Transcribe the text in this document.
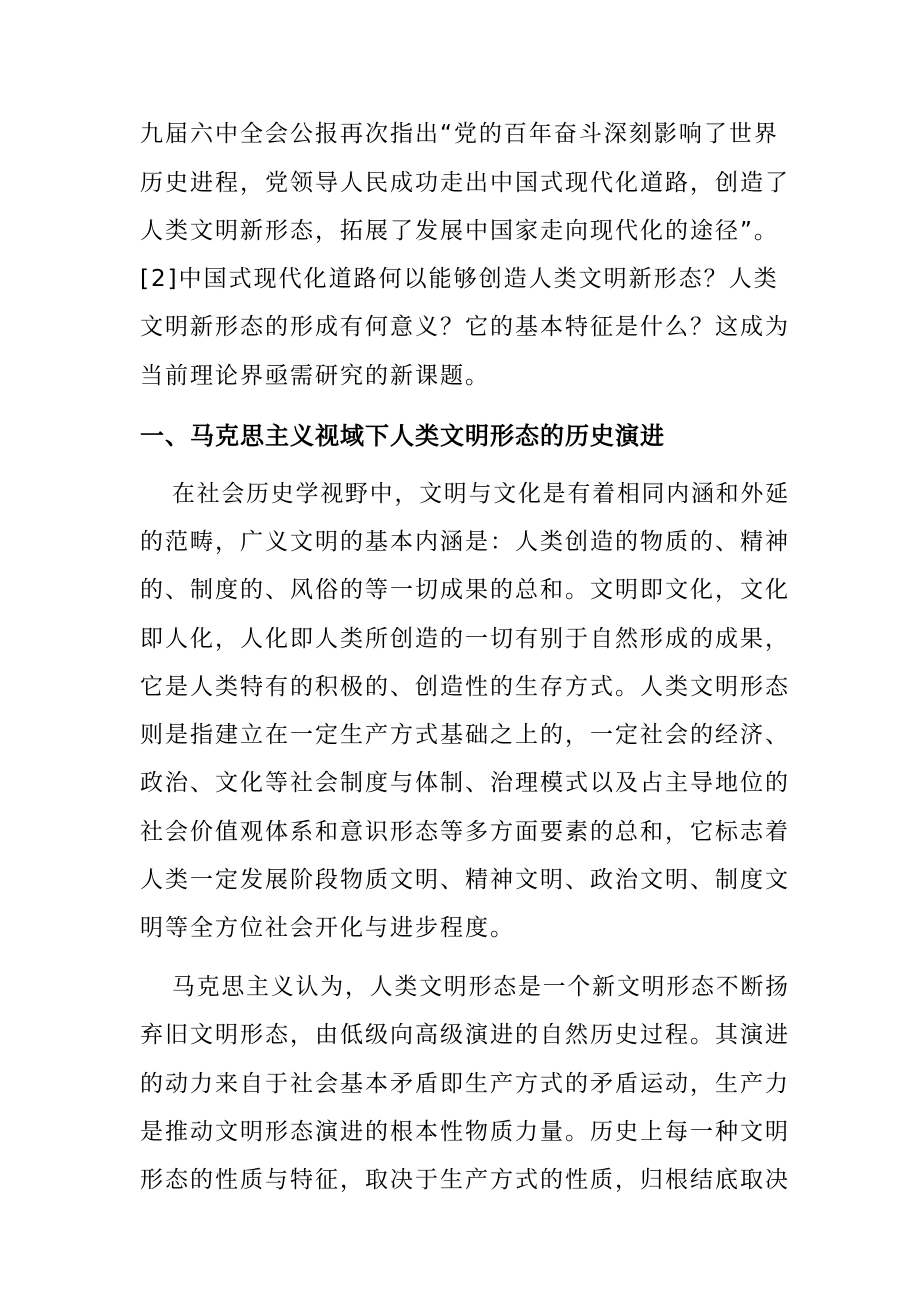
九届六中全会公报再次指出“党的百年奋斗深刻影响了世界
历史进程，党领导人民成功走出中国式现代化道路，创造了
人类文明新形态，拓展了发展中国家走向现代化的途径”。
[2]中国式现代化道路何以能够创造人类文明新形态？人类
文明新形态的形成有何意义？它的基本特征是什么？这成为
当前理论界亟需研究的新课题。
一、马克思主义视域下人类文明形态的历史演进
在社会历史学视野中，文明与文化是有着相同内涵和外延
的范畴，广义文明的基本内涵是：人类创造的物质的、精神
的、制度的、风俗的等一切成果的总和。文明即文化，文化
即人化，人化即人类所创造的一切有别于自然形成的成果，
它是人类特有的积极的、创造性的生存方式。人类文明形态
则是指建立在一定生产方式基础之上的，一定社会的经济、
政治、文化等社会制度与体制、治理模式以及占主导地位的
社会价值观体系和意识形态等多方面要素的总和，它标志着
人类一定发展阶段物质文明、精神文明、政治文明、制度文
明等全方位社会开化与进步程度。
马克思主义认为，人类文明形态是一个新文明形态不断扬
弃旧文明形态，由低级向高级演进的自然历史过程。其演进
的动力来自于社会基本矛盾即生产方式的矛盾运动，生产力
是推动文明形态演进的根本性物质力量。历史上每一种文明
形态的性质与特征，取决于生产方式的性质，归根结底取决
